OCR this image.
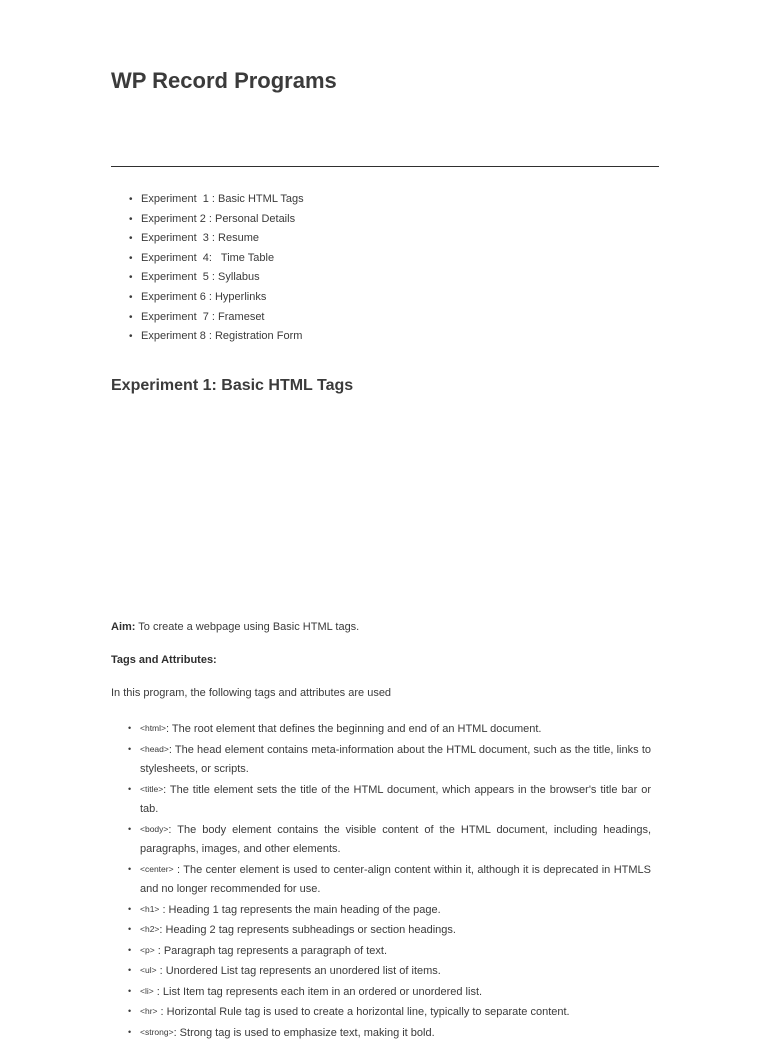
WP Record Programs
• Experiment  1 : Basic HTML Tags
• Experiment 2 : Personal Details
• Experiment  3 : Resume
• Experiment  4:   Time Table
• Experiment  5 : Syllabus
• Experiment 6 : Hyperlinks
• Experiment  7 : Frameset
• Experiment 8 : Registration Form
Experiment 1: Basic HTML Tags

Aim: To create a webpage using Basic HTML tags.

Tags and Attributes:

In this program, the following tags and attributes are used

• <html>: The root element that defines the beginning and end of an HTML document.
• <head>: The head element contains meta-information about the HTML document, such as the title, links to stylesheets, or scripts.
• <title>: The title element sets the title of the HTML document, which appears in the browser's title bar or tab.
• <body>: The body element contains the visible content of the HTML document, including headings, paragraphs, images, and other elements.
• <center> : The center element is used to center-align content within it, although it is deprecated in HTMLS and no longer recommended for use.
• <h1> : Heading 1 tag represents the main heading of the page.
• <h2>: Heading 2 tag represents subheadings or section headings.
• <p> : Paragraph tag represents a paragraph of text.
• <ul> : Unordered List tag represents an unordered list of items.
• <li> : List Item tag represents each item in an ordered or unordered list.
• <hr> : Horizontal Rule tag is used to create a horizontal line, typically to separate content.
• <strong>: Strong tag is used to emphasize text, making it bold.
